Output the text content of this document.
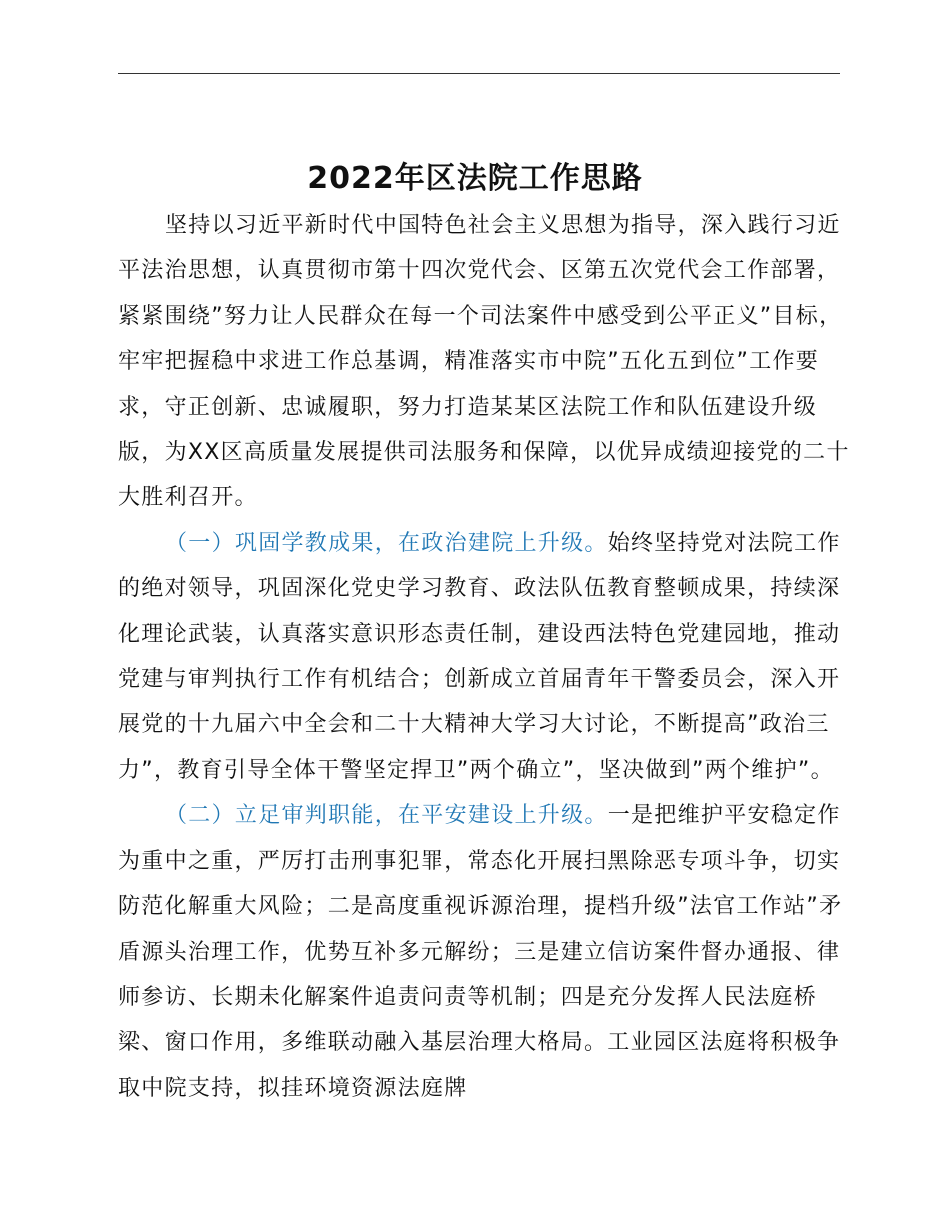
2022年区法院工作思路

坚持以习近平新时代中国特色社会主义思想为指导，深入践行习近平法治思想，认真贯彻市第十四次党代会、区第五次党代会工作部署，紧紧围绕”努力让人民群众在每一个司法案件中感受到公平正义”目标，牢牢把握稳中求进工作总基调，精准落实市中院”五化五到位”工作要求，守正创新、忠诚履职，努力打造某某区法院工作和队伍建设升级版，为XX区高质量发展提供司法服务和保障，以优异成绩迎接党的二十大胜利召开。

（一）巩固学教成果，在政治建院上升级。始终坚持党对法院工作的绝对领导，巩固深化党史学习教育、政法队伍教育整顿成果，持续深化理论武装，认真落实意识形态责任制，建设西法特色党建园地，推动党建与审判执行工作有机结合；创新成立首届青年干警委员会，深入开展党的十九届六中全会和二十大精神大学习大讨论，不断提高”政治三力”，教育引导全体干警坚定捍卫”两个确立”，坚决做到”两个维护”。

（二）立足审判职能，在平安建设上升级。一是把维护平安稳定作为重中之重，严厉打击刑事犯罪，常态化开展扫黑除恶专项斗争，切实防范化解重大风险；二是高度重视诉源治理，提档升级”法官工作站”矛盾源头治理工作，优势互补多元解纷；三是建立信访案件督办通报、律师参访、长期未化解案件追责问责等机制；四是充分发挥人民法庭桥梁、窗口作用，多维联动融入基层治理大格局。工业园区法庭将积极争取中院支持，拟挂环境资源法庭牌
